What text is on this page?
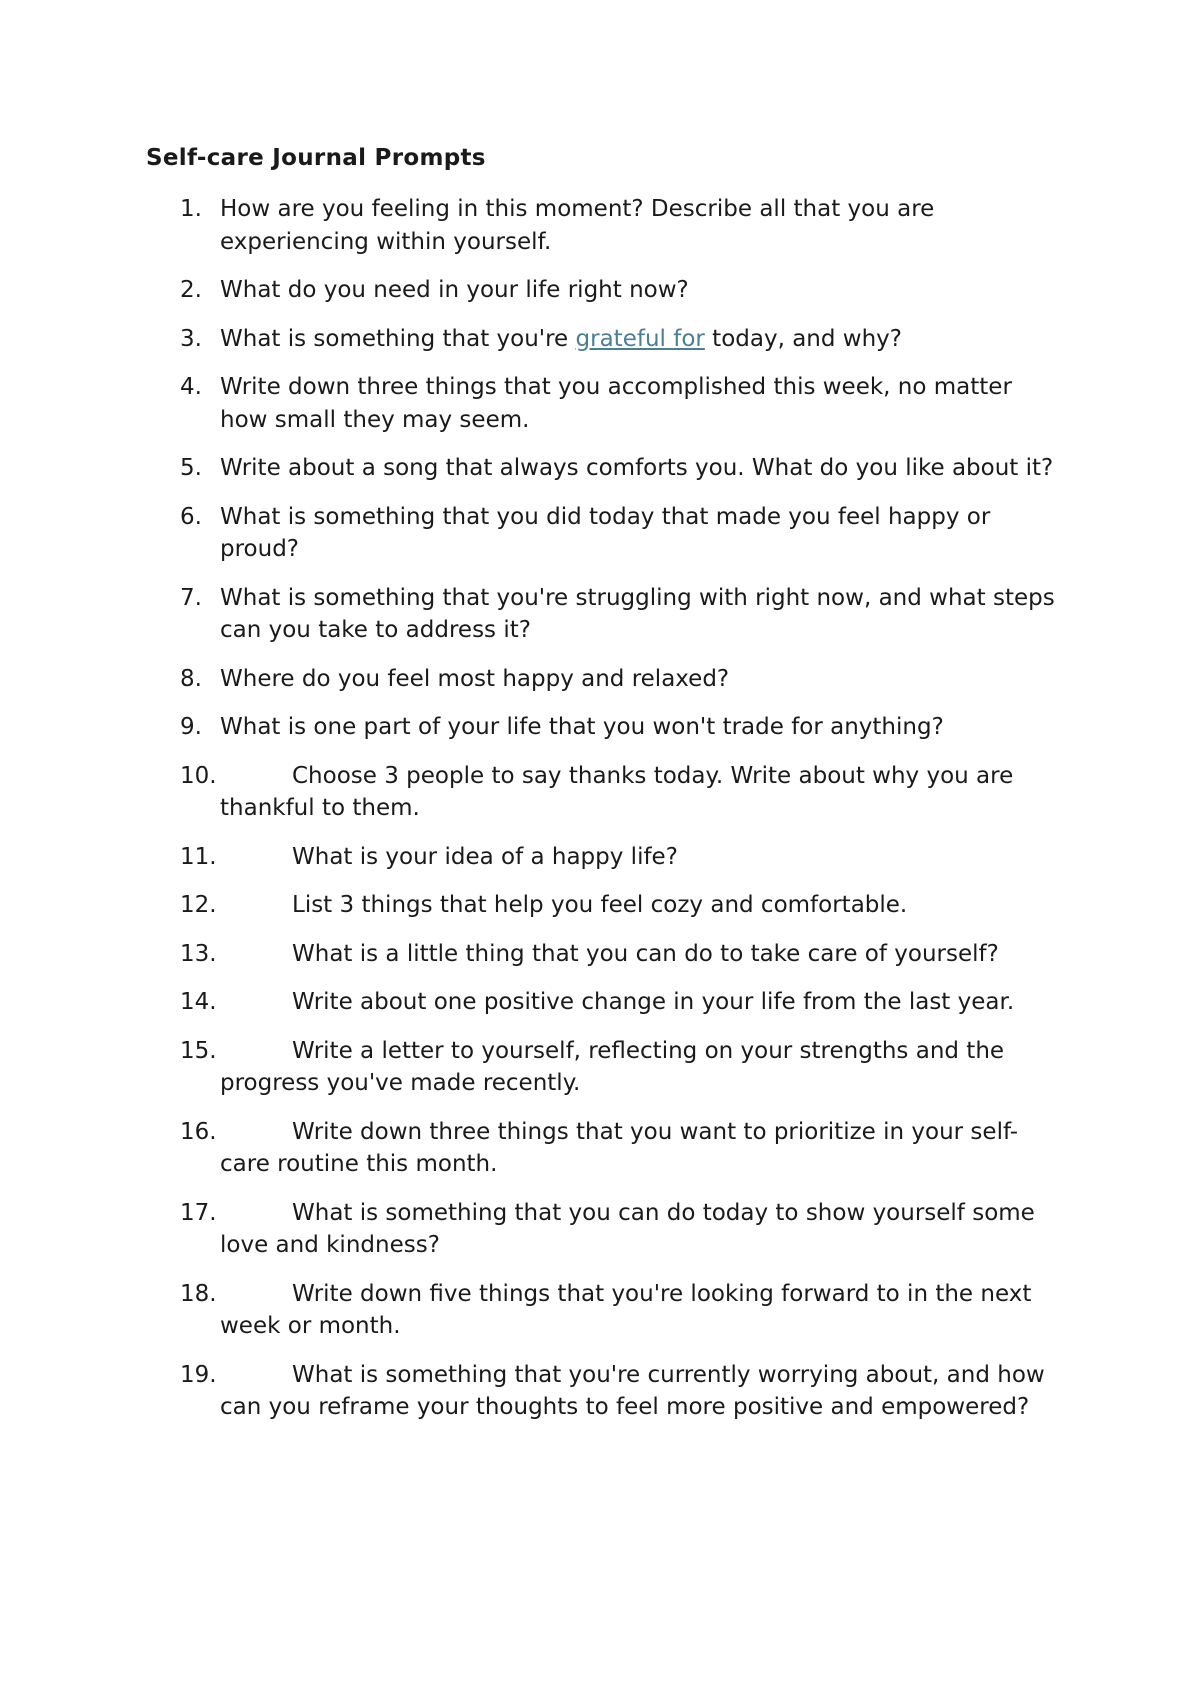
Self-care Journal Prompts
1. How are you feeling in this moment? Describe all that you are experiencing within yourself.
2. What do you need in your life right now?
3. What is something that you're grateful for today, and why?
4. Write down three things that you accomplished this week, no matter how small they may seem.
5. Write about a song that always comforts you. What do you like about it?
6. What is something that you did today that made you feel happy or proud?
7. What is something that you're struggling with right now, and what steps can you take to address it?
8. Where do you feel most happy and relaxed?
9. What is one part of your life that you won't trade for anything?
10.	Choose 3 people to say thanks today. Write about why you are thankful to them.
11.	What is your idea of a happy life?
12.	List 3 things that help you feel cozy and comfortable.
13.	What is a little thing that you can do to take care of yourself?
14.	Write about one positive change in your life from the last year.
15.	Write a letter to yourself, reflecting on your strengths and the progress you've made recently.
16.	Write down three things that you want to prioritize in your self-care routine this month.
17.	What is something that you can do today to show yourself some love and kindness?
18.	Write down five things that you're looking forward to in the next week or month.
19.	What is something that you're currently worrying about, and how can you reframe your thoughts to feel more positive and empowered?
